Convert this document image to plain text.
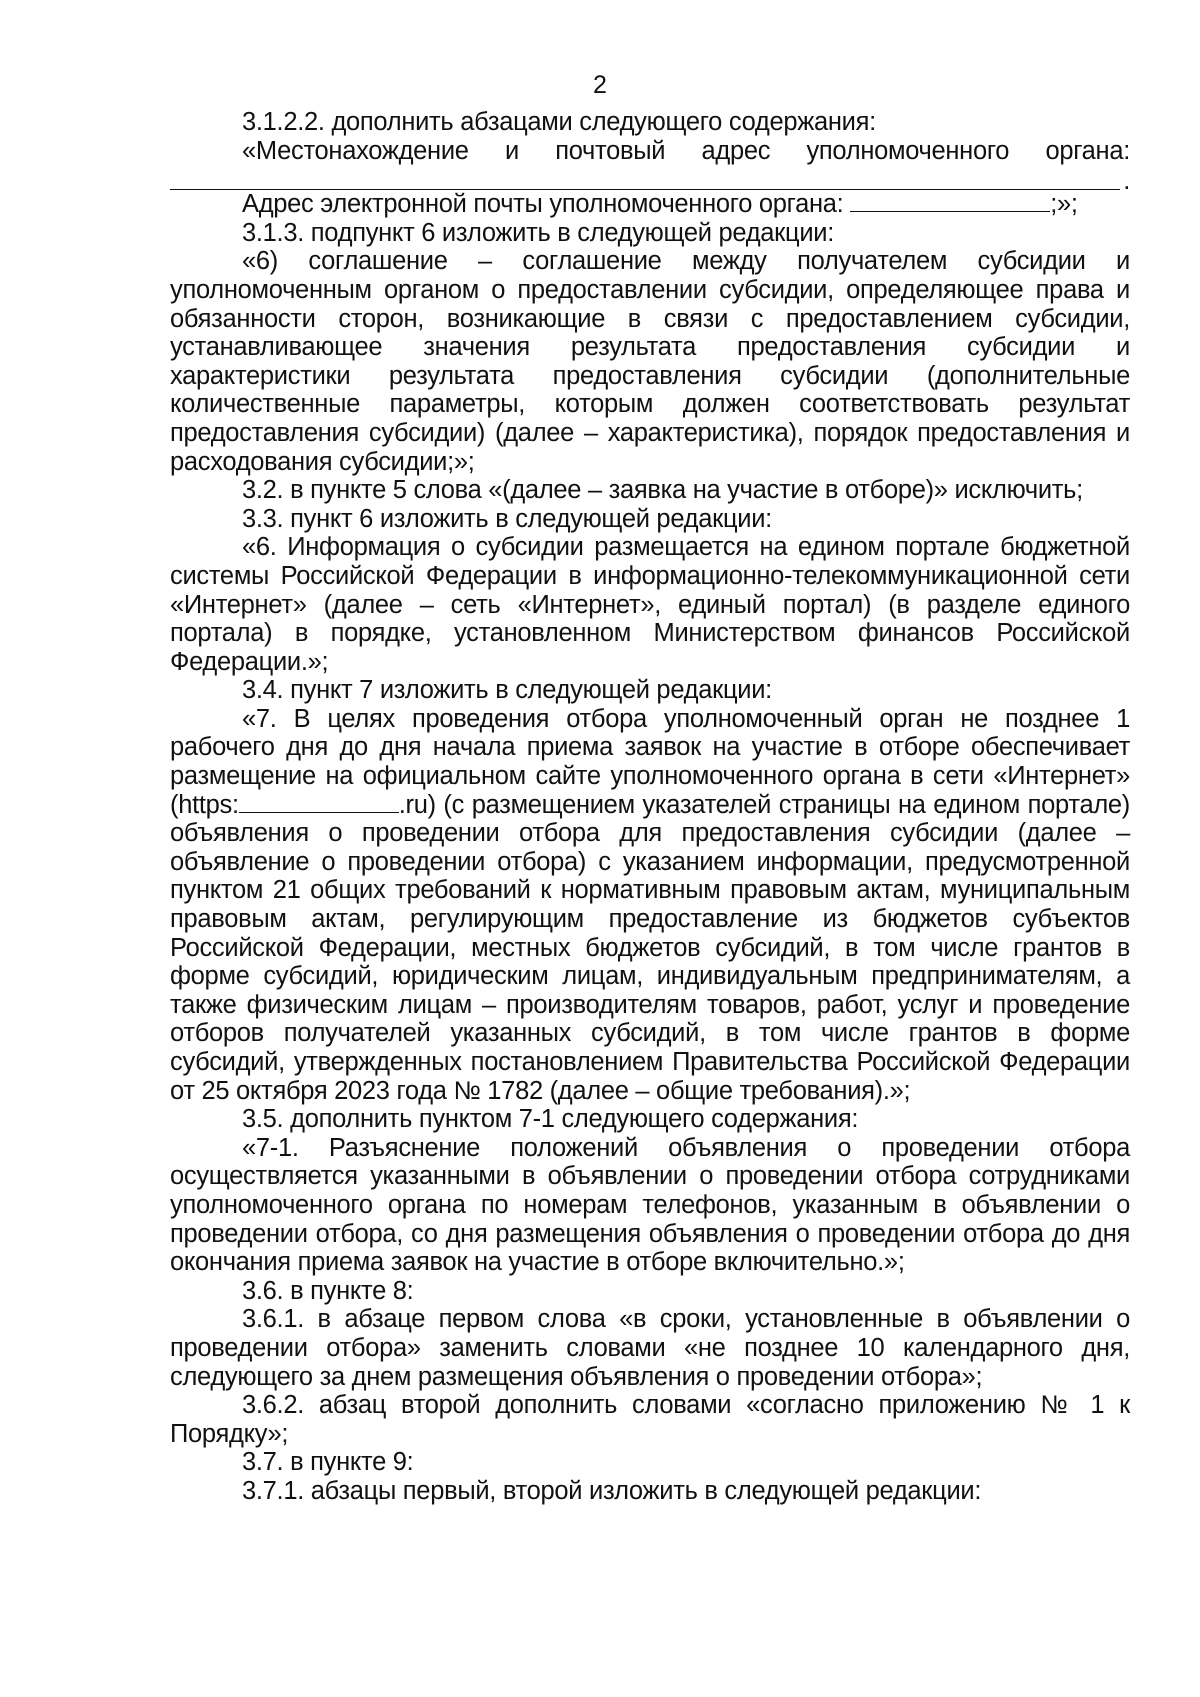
2

3.1.2.2. дополнить абзацами следующего содержания:

«Местонахождение и почтовый адрес уполномоченного органа:

.

Адрес электронной почты уполномоченного органа:	;»;

3.1.3. подпункт 6 изложить в следующей редакции:

«6) соглашение – соглашение между получателем субсидии и уполномоченным органом о предоставлении субсидии, определяющее права и обязанности сторон, возникающие в связи с предоставлением субсидии, устанавливающее значения результата предоставления субсидии и характеристики результата предоставления субсидии (дополнительные количественные параметры, которым должен соответствовать результат предоставления субсидии) (далее – характеристика), порядок предоставления и расходования субсидии;»;

3.2. в пункте 5 слова «(далее – заявка на участие в отборе)» исключить;

3.3. пункт 6 изложить в следующей редакции:

«6. Информация о субсидии размещается на едином портале бюджетной системы Российской Федерации в информационно-телекоммуникационной сети «Интернет» (далее – сеть «Интернет», единый портал) (в разделе единого портала) в порядке, установленном Министерством финансов Российской Федерации.»;

3.4. пункт 7 изложить в следующей редакции:

«7. В целях проведения отбора уполномоченный орган не позднее 1 рабочего дня до дня начала приема заявок на участие в отборе обеспечивает размещение на официальном сайте уполномоченного органа в сети «Интернет» (https:	.ru) (с размещением указателей страницы на едином портале) объявления о проведении отбора для предоставления субсидии (далее – объявление о проведении отбора) с указанием информации, предусмотренной пунктом 21 общих требований к нормативным правовым актам, муниципальным правовым актам, регулирующим предоставление из бюджетов субъектов Российской Федерации, местных бюджетов субсидий, в том числе грантов в форме субсидий, юридическим лицам, индивидуальным предпринимателям, а также физическим лицам – производителям товаров, работ, услуг и проведение отборов получателей указанных субсидий, в том числе грантов в форме субсидий, утвержденных постановлением Правительства Российской Федерации от 25 октября 2023 года № 1782 (далее – общие требования).»;

3.5. дополнить пунктом 7-1 следующего содержания:

«7-1. Разъяснение положений объявления о проведении отбора осуществляется указанными в объявлении о проведении отбора сотрудниками уполномоченного органа по номерам телефонов, указанным в объявлении о проведении отбора, со дня размещения объявления о проведении отбора до дня окончания приема заявок на участие в отборе включительно.»;

3.6. в пункте 8:

3.6.1. в абзаце первом слова «в сроки, установленные в объявлении о проведении отбора» заменить словами «не позднее 10 календарного дня, следующего за днем размещения объявления о проведении отбора»;

3.6.2. абзац второй дополнить словами «согласно приложению № 1 к Порядку»;

3.7. в пункте 9:

3.7.1. абзацы первый, второй изложить в следующей редакции:
